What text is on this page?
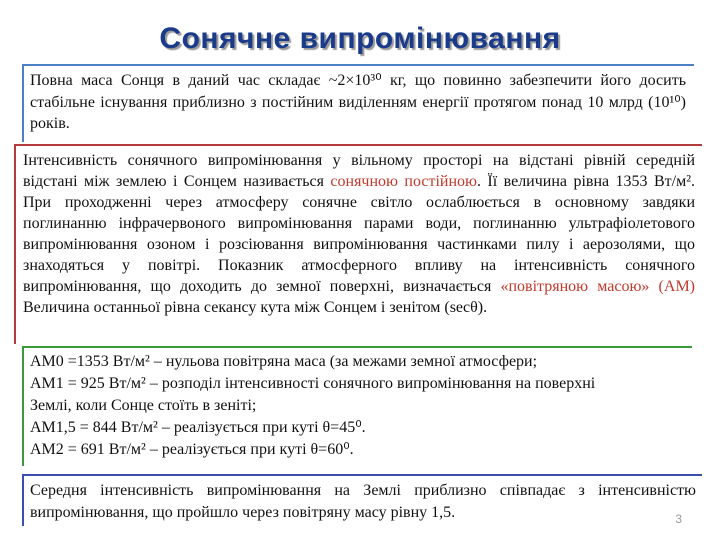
Сонячне випромінювання

Повна маса Сонця в даний час складає ~2×10³⁰ кг, що повинно забезпечити його досить стабільне існування приблизно з постійним виділенням енергії протягом понад 10 млрд (10¹⁰) років.

Інтенсивність сонячного випромінювання у вільному просторі на відстані рівній середній відстані між землею і Сонцем називається сонячною постійною. Її величина рівна 1353 Вт/м². При проходженні через атмосферу сонячне світло ослаблюється в основному завдяки поглинанню інфрачервоного випромінювання парами води, поглинанню ультрафіолетового випромінювання озоном і розсіювання випромінювання частинками пилу і аерозолями, що знаходяться у повітрі. Показник атмосферного впливу на інтенсивність сонячного випромінювання, що доходить до земної поверхні, визначається «повітряною масою» (АМ) Величина останньої рівна секансу кута між Сонцем і зенітом (secθ).

АМ0 =1353 Вт/м² – нульова повітряна маса (за межами земної атмосфери;

АМ1 = 925 Вт/м² – розподіл інтенсивності сонячного випромінювання на поверхні

Землі, коли Сонце стоїть в зеніті;

АМ1,5 = 844 Вт/м² – реалізується при куті θ=45⁰.

АМ2 = 691 Вт/м² – реалізується при куті θ=60⁰.

Середня інтенсивність випромінювання на Землі приблизно співпадає з інтенсивністю випромінювання, що пройшло через повітряну масу рівну 1,5.	3
